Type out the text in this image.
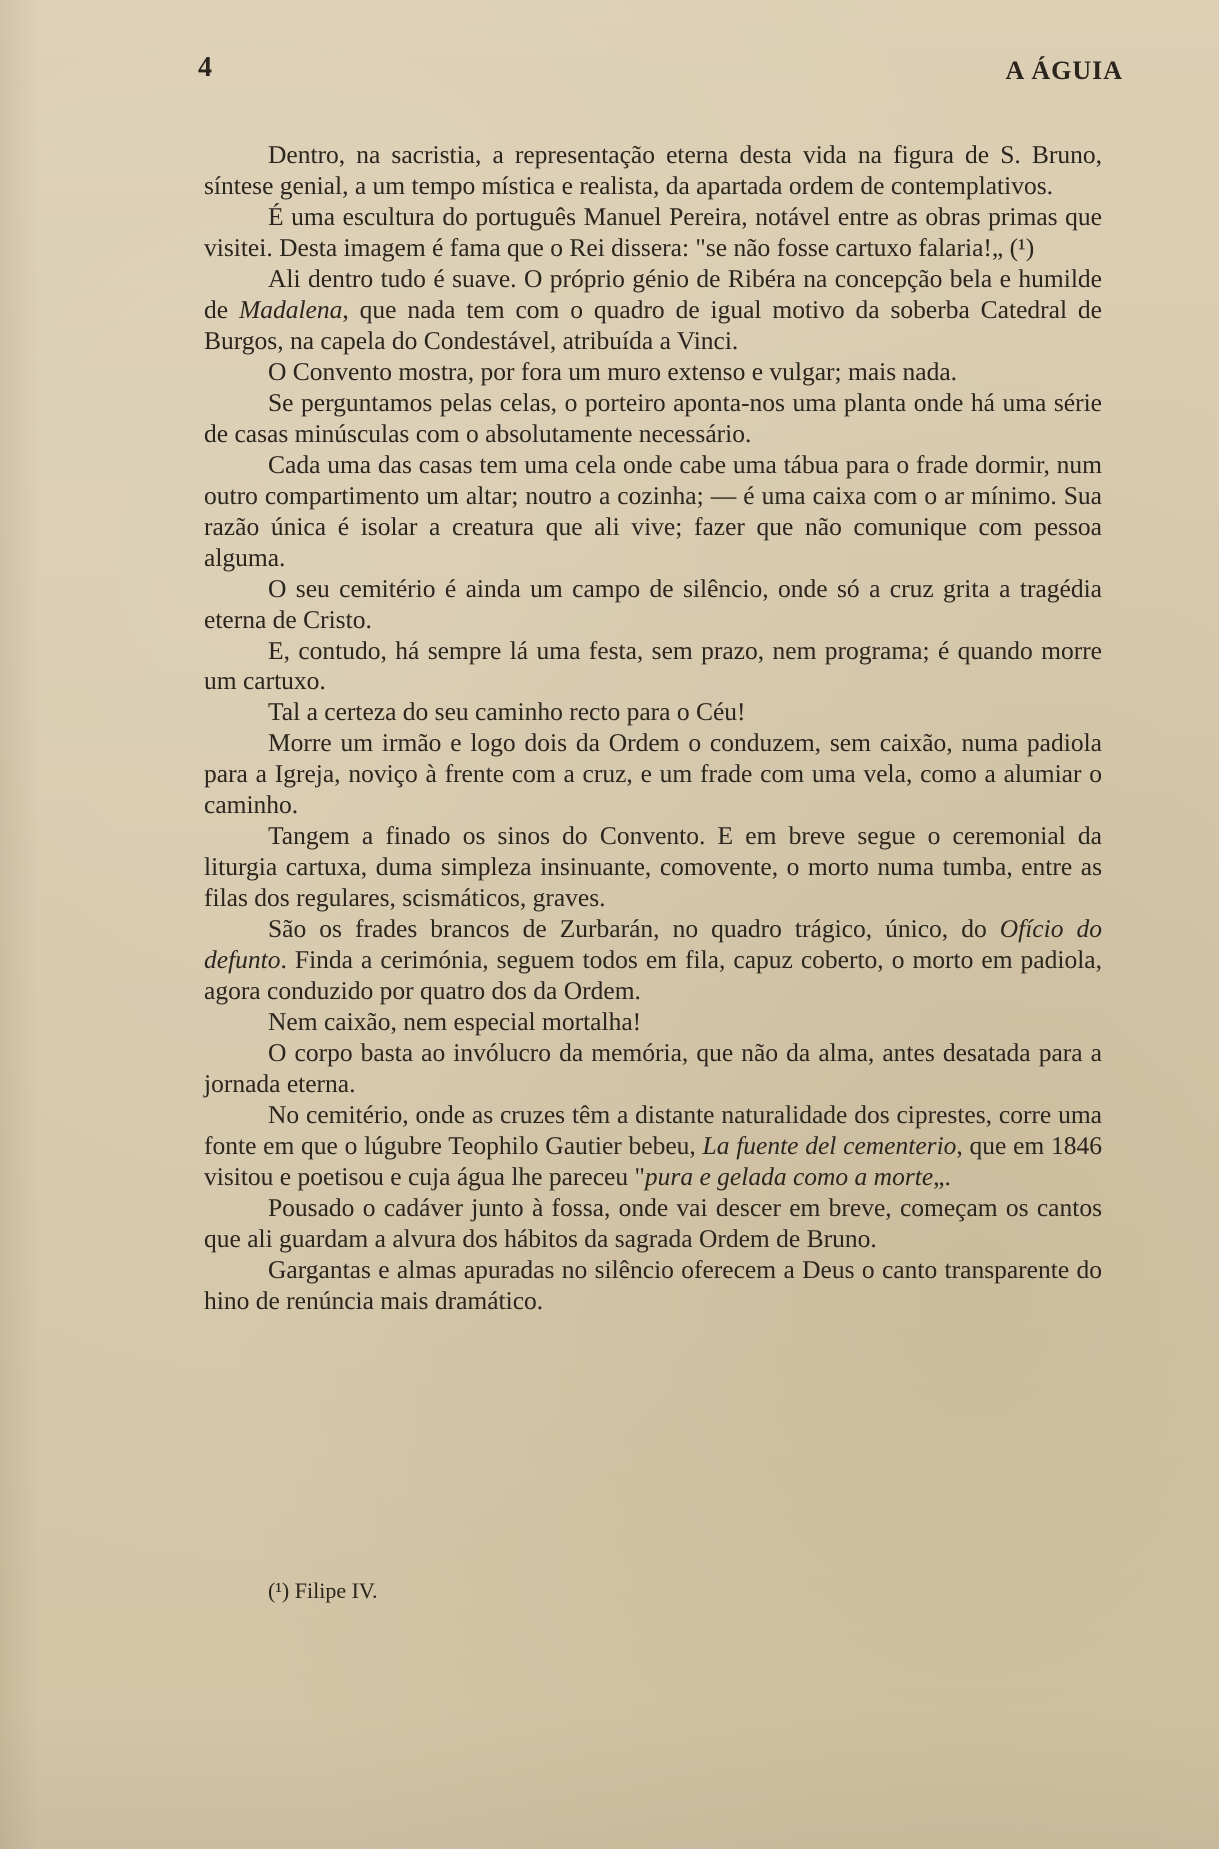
4	A ÁGUIA

Dentro, na sacristia, a representação eterna desta vida na figura de S. Bruno, síntese genial, a um tempo mística e realista, da apartada ordem de contemplativos.

É uma escultura do português Manuel Pereira, notável entre as obras primas que visitei. Desta imagem é fama que o Rei dissera: "se não fosse cartuxo falaria!„ (¹)

Ali dentro tudo é suave. O próprio génio de Ribéra na concepção bela e humilde de Madalena, que nada tem com o quadro de igual motivo da soberba Catedral de Burgos, na capela do Condestável, atribuída a Vinci.

O Convento mostra, por fora um muro extenso e vulgar; mais nada.

Se perguntamos pelas celas, o porteiro aponta-nos uma planta onde há uma série de casas minúsculas com o absolutamente necessário.

Cada uma das casas tem uma cela onde cabe uma tábua para o frade dormir, num outro compartimento um altar; noutro a cozinha; — é uma caixa com o ar mínimo. Sua razão única é isolar a creatura que ali vive; fazer que não comunique com pessoa alguma.

O seu cemitério é ainda um campo de silêncio, onde só a cruz grita a tragédia eterna de Cristo.

E, contudo, há sempre lá uma festa, sem prazo, nem programa; é quando morre um cartuxo.

Tal a certeza do seu caminho recto para o Céu!

Morre um irmão e logo dois da Ordem o conduzem, sem caixão, numa padiola para a Igreja, noviço à frente com a cruz, e um frade com uma vela, como a alumiar o caminho.

Tangem a finado os sinos do Convento. E em breve segue o ceremonial da liturgia cartuxa, duma simpleza insinuante, comovente, o morto numa tumba, entre as filas dos regulares, scismáticos, graves.

São os frades brancos de Zurbarán, no quadro trágico, único, do Ofício do defunto. Finda a cerimónia, seguem todos em fila, capuz coberto, o morto em padiola, agora conduzido por quatro dos da Ordem.

Nem caixão, nem especial mortalha!

O corpo basta ao invólucro da memória, que não da alma, antes desatada para a jornada eterna.

No cemitério, onde as cruzes têm a distante naturalidade dos ciprestes, corre uma fonte em que o lúgubre Teophilo Gautier bebeu, La fuente del cementerio, que em 1846 visitou e poetisou e cuja água lhe pareceu "pura e gelada como a morte„.

Pousado o cadáver junto à fossa, onde vai descer em breve, começam os cantos que ali guardam a alvura dos hábitos da sagrada Ordem de Bruno.

Gargantas e almas apuradas no silêncio oferecem a Deus o canto transparente do hino de renúncia mais dramático.

(¹) Filipe IV.
